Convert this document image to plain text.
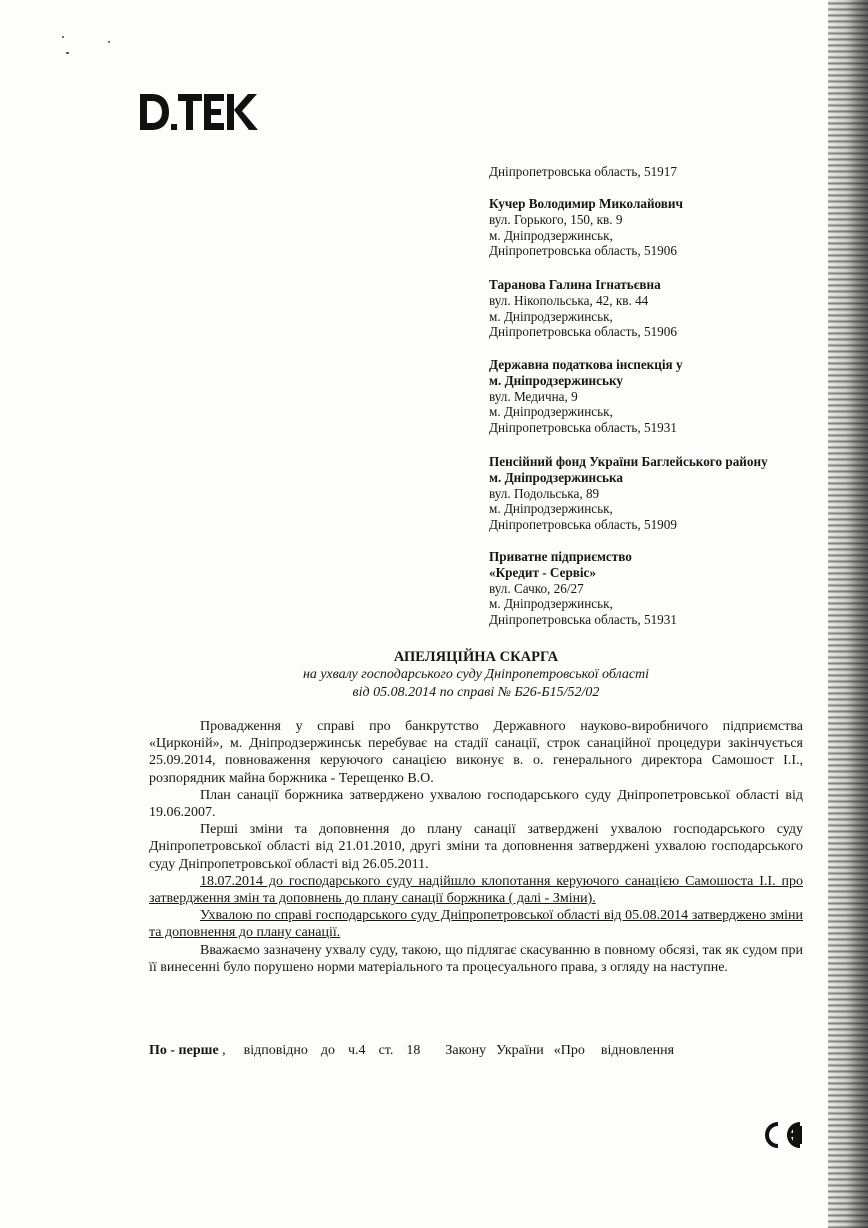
D.TEK
Дніпропетровська область, 51917
Кучер Володимир Миколайович
вул. Горького, 150, кв. 9
м. Дніпродзержинськ,
Дніпропетровська область, 51906
Таранова Галина Ігнатьєвна
вул. Нікопольська, 42, кв. 44
м. Дніпродзержинськ,
Дніпропетровська область, 51906
Державна податкова інспекція у
м. Дніпродзержинську
вул. Медична, 9
м. Дніпродзержинськ,
Дніпропетровська область, 51931
Пенсійний фонд України Баглейського району
м. Дніпродзержинська
вул. Подольська, 89
м. Дніпродзержинськ,
Дніпропетровська область, 51909
Приватне підприємство
«Кредит - Сервіс»
вул. Сачко, 26/27
м. Дніпродзержинськ,
Дніпропетровська область, 51931
АПЕЛЯЦІЙНА СКАРГА
на ухвалу господарського суду Дніпропетровської області
від 05.08.2014 по справі № Б26-Б15/52/02

Провадження у справі про банкрутство Державного науково-виробничого підприємства «Цирконій», м. Дніпродзержинськ перебуває на стадії санації, строк санаційної процедури закінчується 25.09.2014, повноваження керуючого санацією виконує в. о. генерального директора Самошост І.І., розпорядник майна боржника - Терещенко В.О.

План санації боржника затверджено ухвалою господарського суду Дніпропетровської області від 19.06.2007.

Перші зміни та доповнення до плану санації затверджені ухвалою господарського суду Дніпропетровської області від 21.01.2010, другі зміни та доповнення затверджені ухвалою господарського суду Дніпропетровської області від 26.05.2011.

18.07.2014 до господарського суду надійшло клопотання керуючого санацією Самошоста І.І. про затвердження змін та доповнень до плану санації боржника ( далі - Зміни).

Ухвалою по справі господарського суду Дніпропетровської області від 05.08.2014 затверджено зміни та доповнення до плану санації.

Вважаємо зазначену ухвалу суду, такою, що підлягає скасуванню в повному обсязі, так як судом при її винесенні було порушено норми матеріального та процесуального права, з огляду на наступне.

По - перше , відповідно до ч.4 ст. 18 Закону України «Про відновлення
